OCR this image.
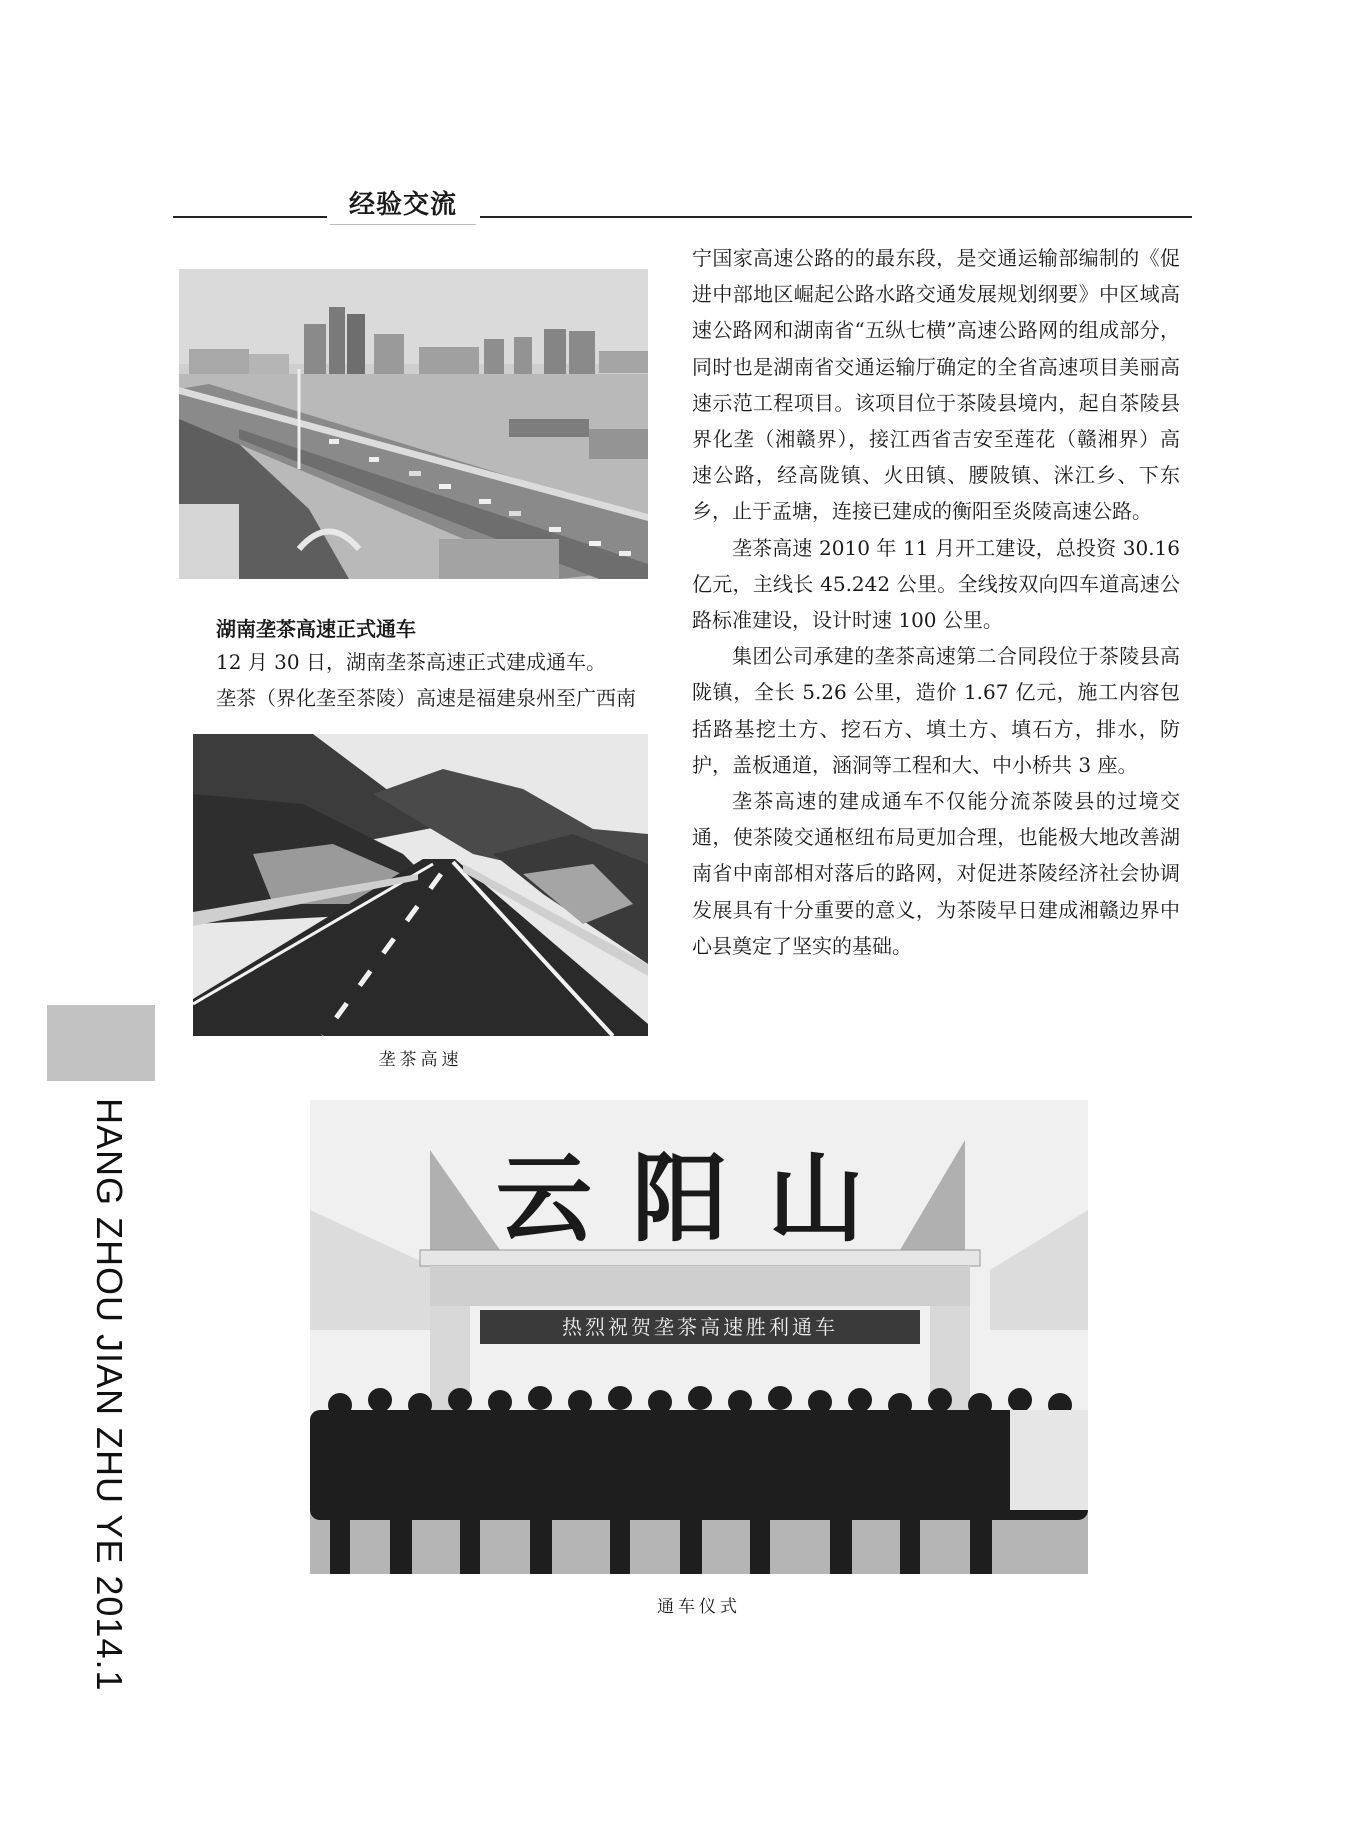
经验交流
HANG ZHOU JIAN ZHU YE 2014.1
湖南垄茶高速正式通车
12 月 30 日，湖南垄茶高速正式建成通车。
垄茶（界化垄至茶陵）高速是福建泉州至广西南
垄茶高速

宁国家高速公路的的最东段，是交通运输部编制的《促进中部地区崛起公路水路交通发展规划纲要》中区域高速公路网和湖南省“五纵七横”高速公路网的组成部分，同时也是湖南省交通运输厅确定的全省高速项目美丽高速示范工程项目。该项目位于茶陵县境内，起自茶陵县界化垄（湘赣界），接江西省吉安至莲花（赣湘界）高速公路，经高陇镇、火田镇、腰陂镇、洣江乡、下东乡，止于孟塘，连接已建成的衡阳至炎陵高速公路。

垄茶高速 2010 年 11 月开工建设，总投资 30.16 亿元，主线长 45.242 公里。全线按双向四车道高速公路标准建设，设计时速 100 公里。

集团公司承建的垄茶高速第二合同段位于茶陵县高陇镇，全长 5.26 公里，造价 1.67 亿元，施工内容包括路基挖土方、挖石方、填土方、填石方，排水，防护，盖板通道，涵洞等工程和大、中小桥共 3 座。

垄茶高速的建成通车不仅能分流茶陵县的过境交通，使茶陵交通枢纽布局更加合理，也能极大地改善湖南省中南部相对落后的路网，对促进茶陵经济社会协调发展具有十分重要的意义，为茶陵早日建成湘赣边界中心县奠定了坚实的基础。

热烈祝贺垄茶高速胜利通车
云阳山
通车仪式
